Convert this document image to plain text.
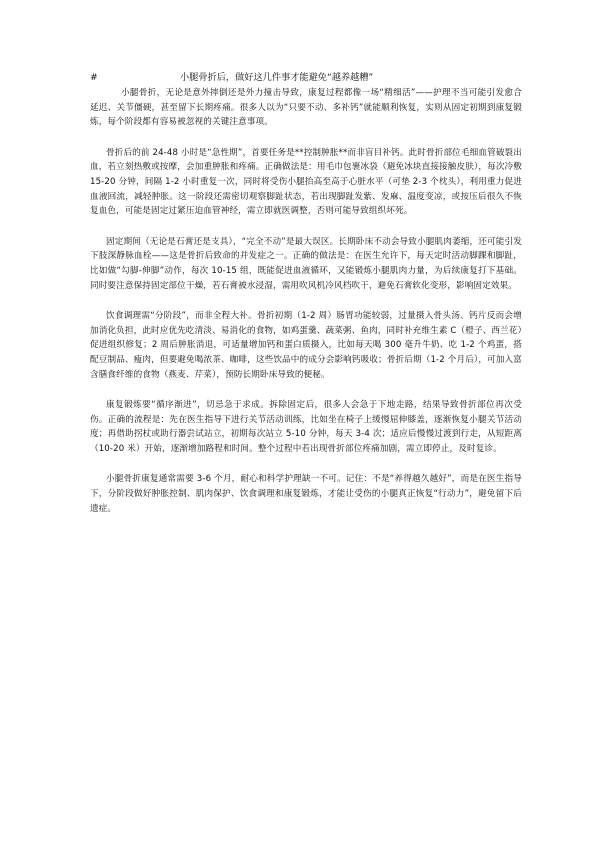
#	小腿骨折后，做好这几件事才能避免“越养越糟”

小腿骨折，无论是意外摔倒还是外力撞击导致，康复过程都像一场“精细活”——护理不当可能引发愈合延迟、关节僵硬，甚至留下长期疼痛。很多人以为“只要不动、多补钙”就能顺利恢复，实则从固定初期到康复锻炼，每个阶段都有容易被忽视的关键注意事项。

骨折后的前 24-48 小时是“急性期”，首要任务是**控制肿胀**而非盲目补钙。此时骨折部位毛细血管破裂出血，若立刻热敷或按摩，会加重肿胀和疼痛。正确做法是：用毛巾包裹冰袋（避免冰块直接接触皮肤），每次冷敷 15-20 分钟，间隔 1-2 小时重复一次，同时将受伤小腿抬高至高于心脏水平（可垫 2-3 个枕头），利用重力促进血液回流，减轻肿胀。这一阶段还需密切观察脚趾状态，若出现脚趾发紫、发麻、温度变凉，或按压后很久不恢复血色，可能是固定过紧压迫血管神经，需立即就医调整，否则可能导致组织坏死。

固定期间（无论是石膏还是支具），“完全不动”是最大误区。长期卧床不动会导致小腿肌肉萎缩，还可能引发下肢深静脉血栓——这是骨折后致命的并发症之一。正确的做法是：在医生允许下，每天定时活动脚踝和脚趾，比如做“勾脚-伸脚”动作，每次 10-15 组，既能促进血液循环，又能锻炼小腿肌肉力量，为后续康复打下基础。同时要注意保持固定部位干燥，若石膏被水浸湿，需用吹风机冷风档吹干，避免石膏软化变形，影响固定效果。

饮食调理需“分阶段”，而非全程大补。骨折初期（1-2 周）肠胃功能较弱，过量摄入骨头汤、钙片反而会增加消化负担，此时应优先吃清淡、易消化的食物，如鸡蛋羹、蔬菜粥、鱼肉，同时补充维生素 C（橙子、西兰花）促进组织修复；2 周后肿胀消退，可适量增加钙和蛋白质摄入，比如每天喝 300 毫升牛奶、吃 1-2 个鸡蛋，搭配豆制品、瘦肉，但要避免喝浓茶、咖啡，这些饮品中的成分会影响钙吸收；骨折后期（1-2 个月后），可加入富含膳食纤维的食物（燕麦、芹菜），预防长期卧床导致的便秘。

康复锻炼要“循序渐进”，切忌急于求成。拆除固定后，很多人会急于下地走路，结果导致骨折部位再次受伤。正确的流程是：先在医生指导下进行关节活动训练，比如坐在椅子上缓慢屈伸膝盖，逐渐恢复小腿关节活动度；再借助拐杖或助行器尝试站立，初期每次站立 5-10 分钟，每天 3-4 次；适应后慢慢过渡到行走，从短距离（10-20 米）开始，逐渐增加路程和时间。整个过程中若出现骨折部位疼痛加剧，需立即停止，及时复诊。

小腿骨折康复通常需要 3-6 个月，耐心和科学护理缺一不可。记住：不是“养得越久越好”，而是在医生指导下，分阶段做好肿胀控制、肌肉保护、饮食调理和康复锻炼，才能让受伤的小腿真正恢复“行动力”，避免留下后遗症。
